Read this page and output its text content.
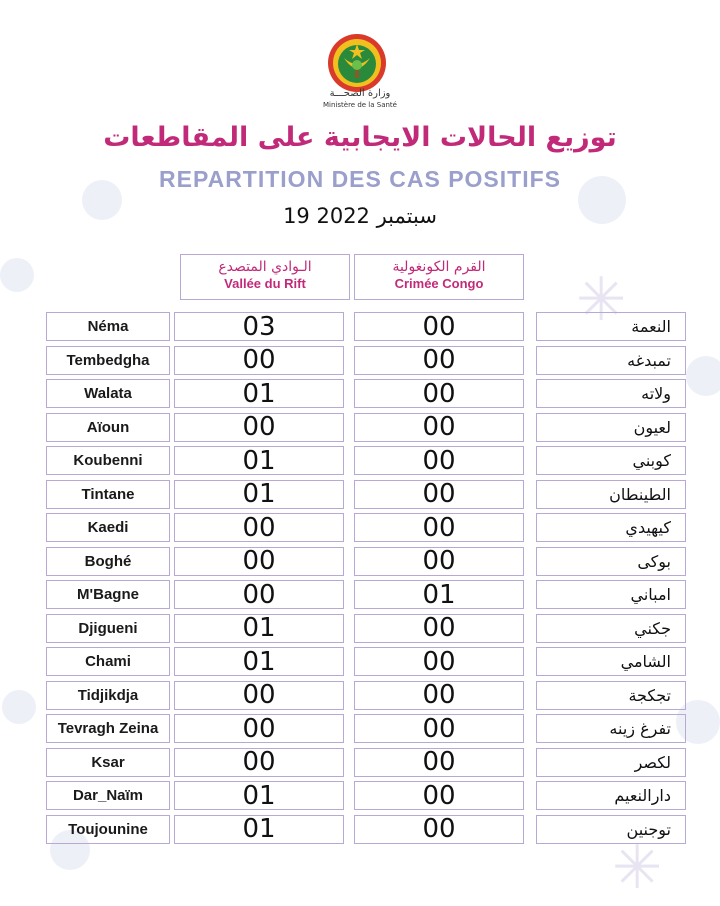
✳
✳
وزارة الصحـــة
Ministère de la Santé
توزيع الحالات الايجابية على المقاطعات
REPARTITION DES CAS POSITIFS
19 سبتمبر 2022
الـوادي المتصدع
Vallée du Rift
القرم الكونغولية
Crimée Congo
Néma	03	00	النعمة
Tembedgha	00	00	تمبدغه
Walata	01	00	ولاته
Aïoun	00	00	لعيون
Koubenni	01	00	كوبني
Tintane	01	00	الطينطان
Kaedi	00	00	كيهيدي
Boghé	00	00	بوكى
M'Bagne	00	01	امباني
Djigueni	01	00	جكني
Chami	01	00	الشامي
Tidjikdja	00	00	تجكجة
Tevragh Zeina	00	00	تفرغ زينه
Ksar	00	00	لكصر
Dar_Naïm	01	00	دارالنعيم
Toujounine	01	00	توجنين
